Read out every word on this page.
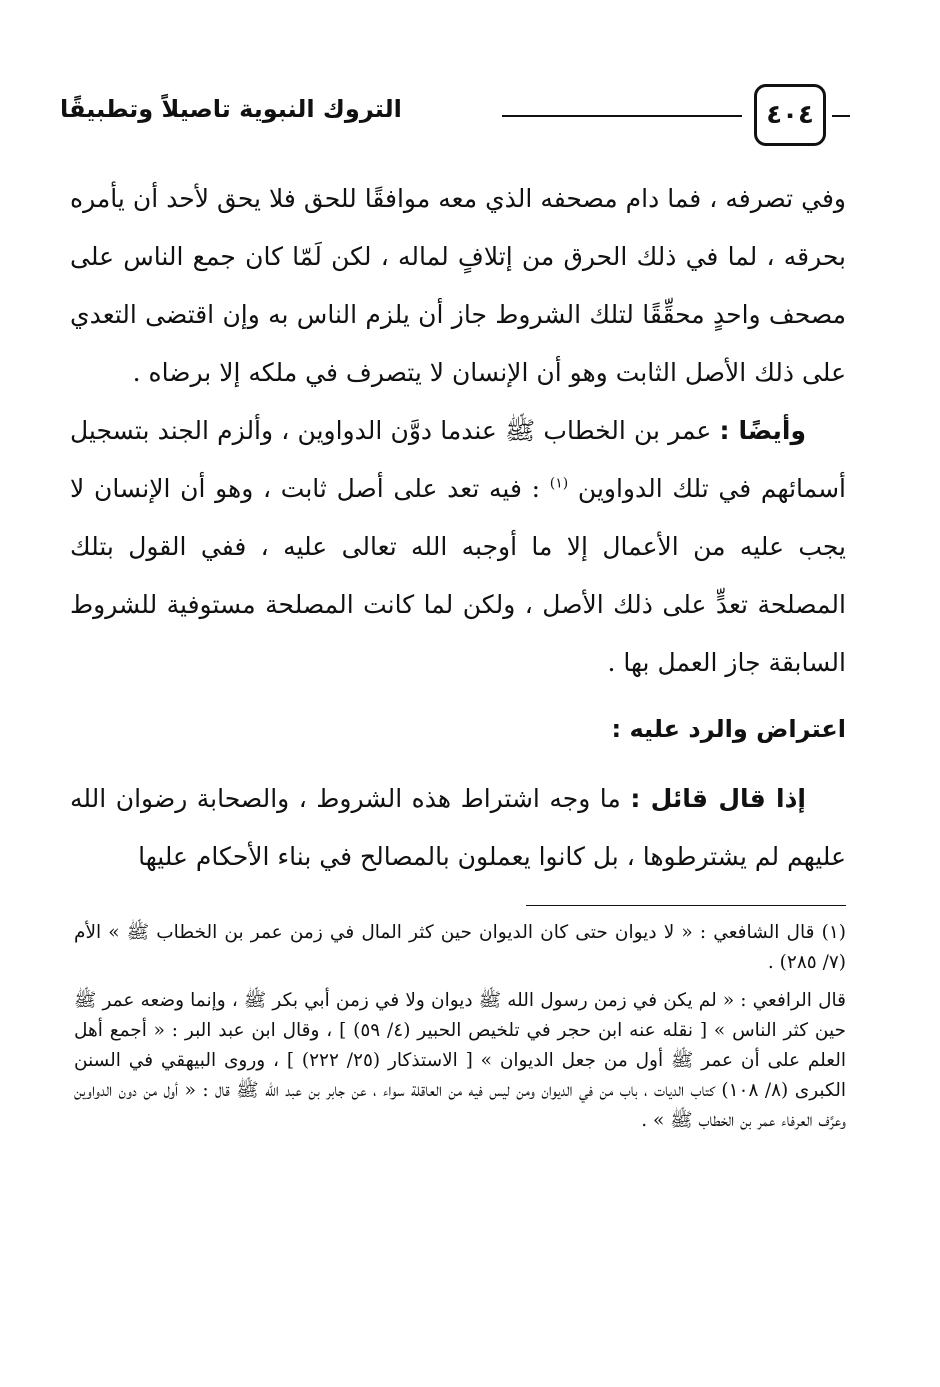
٤٠٤
التروك النبوية تاصيلاً وتطبيقًا

وفي تصرفه ، فما دام مصحفه الذي معه موافقًا للحق فلا يحق لأحد أن يأمره بحرقه ، لما في ذلك الحرق من إتلافٍ لماله ، لكن لَمّا كان جمع الناس على مصحف واحدٍ محقِّقًا لتلك الشروط جاز أن يلزم الناس به وإن اقتضى التعدي على ذلك الأصل الثابت وهو أن الإنسان لا يتصرف في ملكه إلا برضاه .

وأيضًا : عمر بن الخطاب ﷺ عندما دوَّن الدواوين ، وألزم الجند بتسجيل أسمائهم في تلك الدواوين $^{(١)}$ : فيه تعد على أصل ثابت ، وهو أن الإنسان لا يجب عليه من الأعمال إلا ما أوجبه الله تعالى عليه ، ففي القول بتلك المصلحة تعدٍّ على ذلك الأصل ، ولكن لما كانت المصلحة مستوفية للشروط السابقة جاز العمل بها .

اعتراض والرد عليه :

إذا قال قائل : ما وجه اشتراط هذه الشروط ، والصحابة رضوان الله عليهم لم يشترطوها ، بل كانوا يعملون بالمصالح في بناء الأحكام عليها

(١) قال الشافعي : « لا ديوان حتى كان الديوان حين كثر المال في زمن عمر بن الخطاب ﷺ » الأم (٧/ ٢٨٥) .

قال الرافعي : « لم يكن في زمن رسول الله ﷺ ديوان ولا في زمن أبي بكر ﷺ ، وإنما وضعه عمر ﷺ حين كثر الناس » [ نقله عنه ابن حجر في تلخيص الحبير (٤/ ٥٩) ] ، وقال ابن عبد البر : « أجمع أهل العلم على أن عمر ﷺ أول من جعل الديوان » [ الاستذكار (٢٥/ ٢٢٢) ] ، وروى البيهقي في السنن الكبرى (٨/ ١٠٨) كتاب الديات ، باب من في الديوان ومن ليس فيه من العاقلة سواء ، عن جابر بن عبد الله ﷺ قال : « أول من دون الدواوين وعرَّف العرفاء عمر بن الخطاب ﷺ » .
